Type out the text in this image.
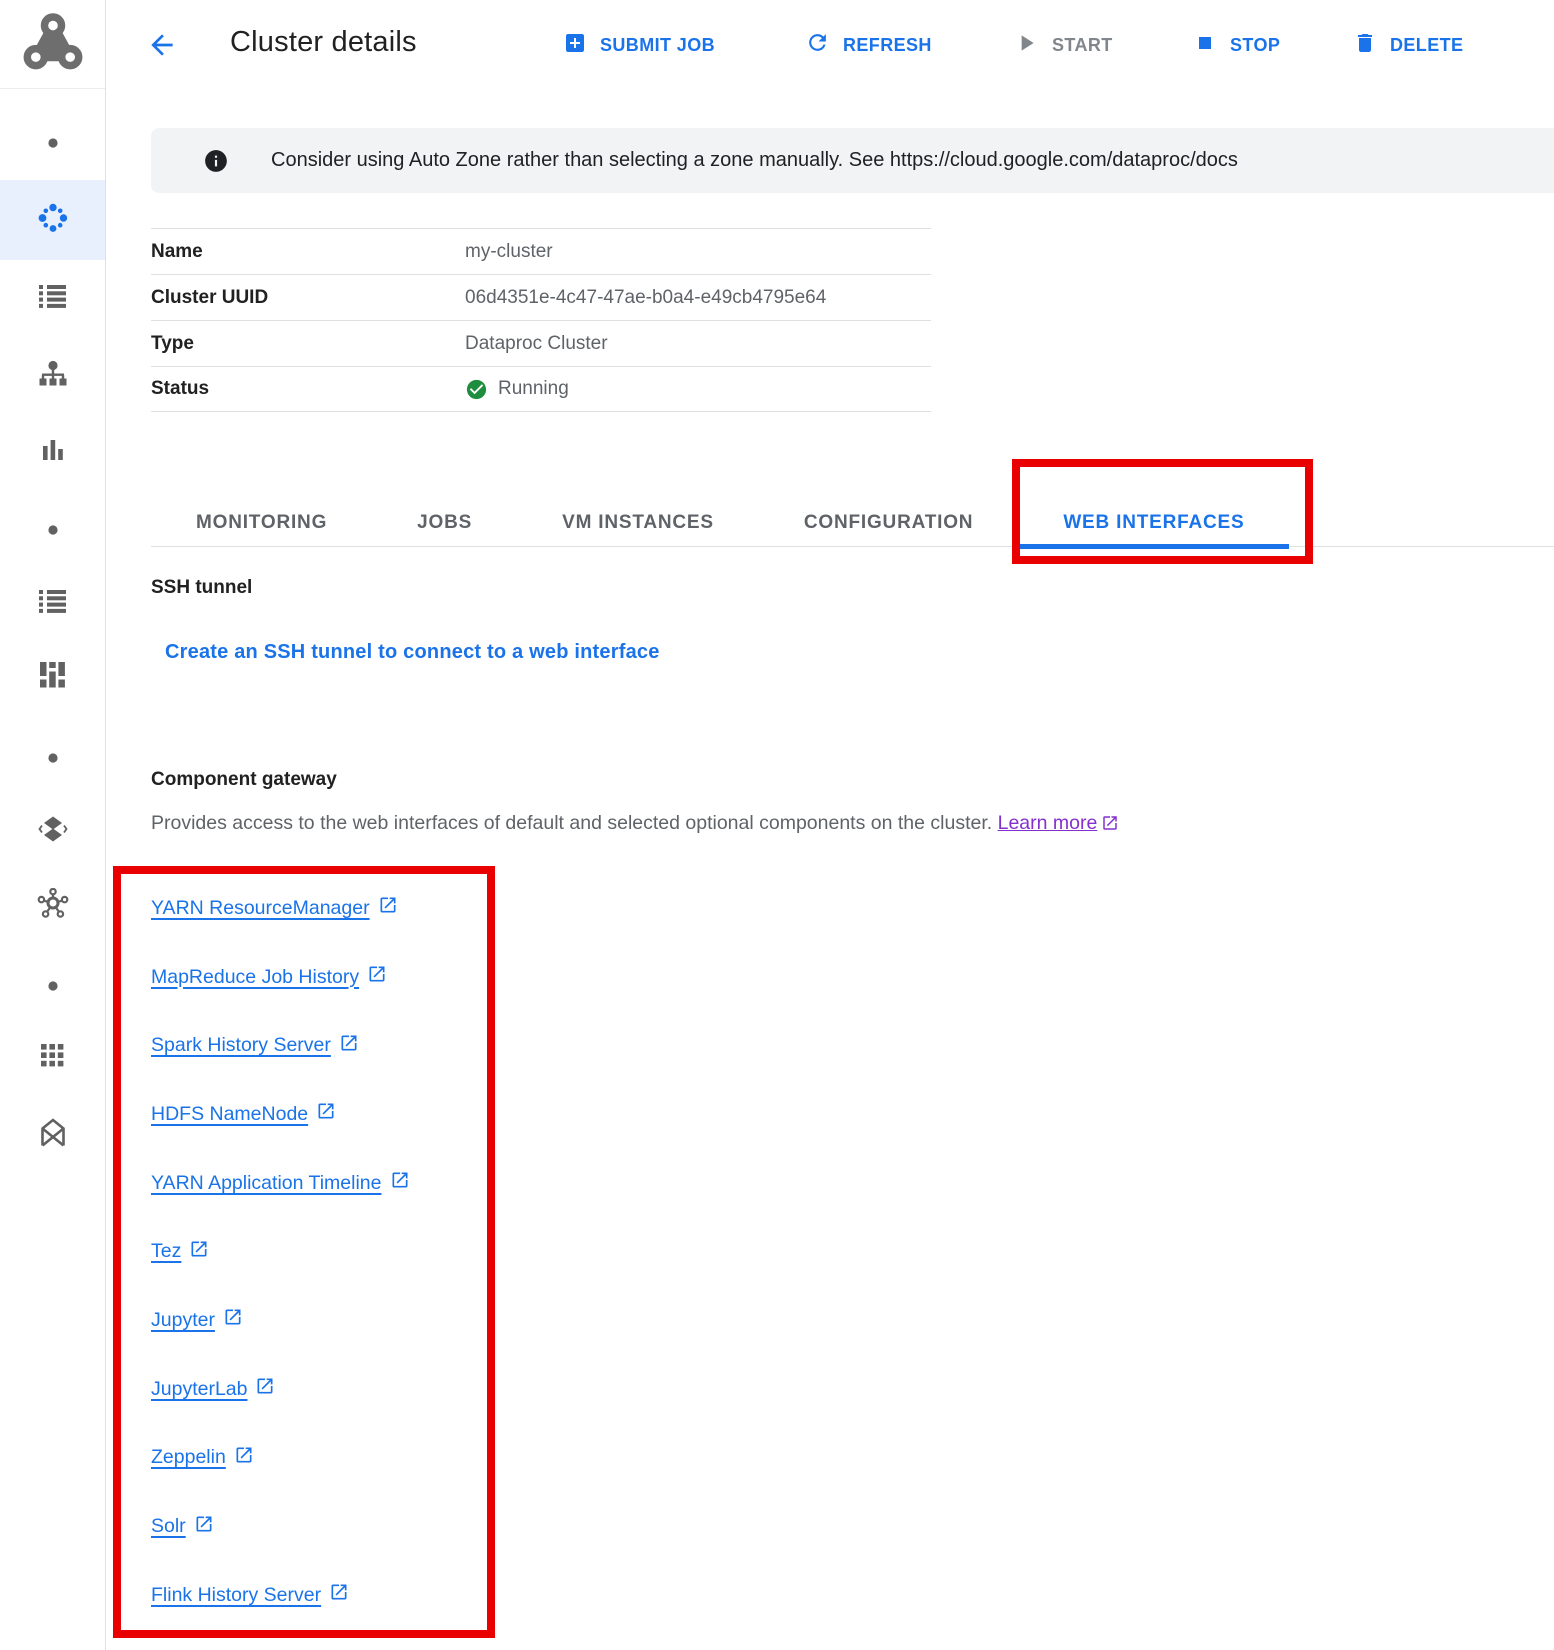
Cluster details	SUBMIT JOB	REFRESH	START	STOP	DELETE
Consider using Auto Zone rather than selecting a zone manually. See https://cloud.google.com/dataproc/docs
Name	my-cluster
Cluster UUID	06d4351e-4c47-47ae-b0a4-e49cb4795e64
Type	Dataproc Cluster
Status	Running
MONITORING	JOBS	VM INSTANCES	CONFIGURATION	WEB INTERFACES
SSH tunnel
Create an SSH tunnel to connect to a web interface
Component gateway

Provides access to the web interfaces of default and selected optional components on the cluster. Learn more

YARN ResourceManager
MapReduce Job History
Spark History Server
HDFS NameNode
YARN Application Timeline
Tez
Jupyter
JupyterLab
Zeppelin
Solr
Flink History Server
